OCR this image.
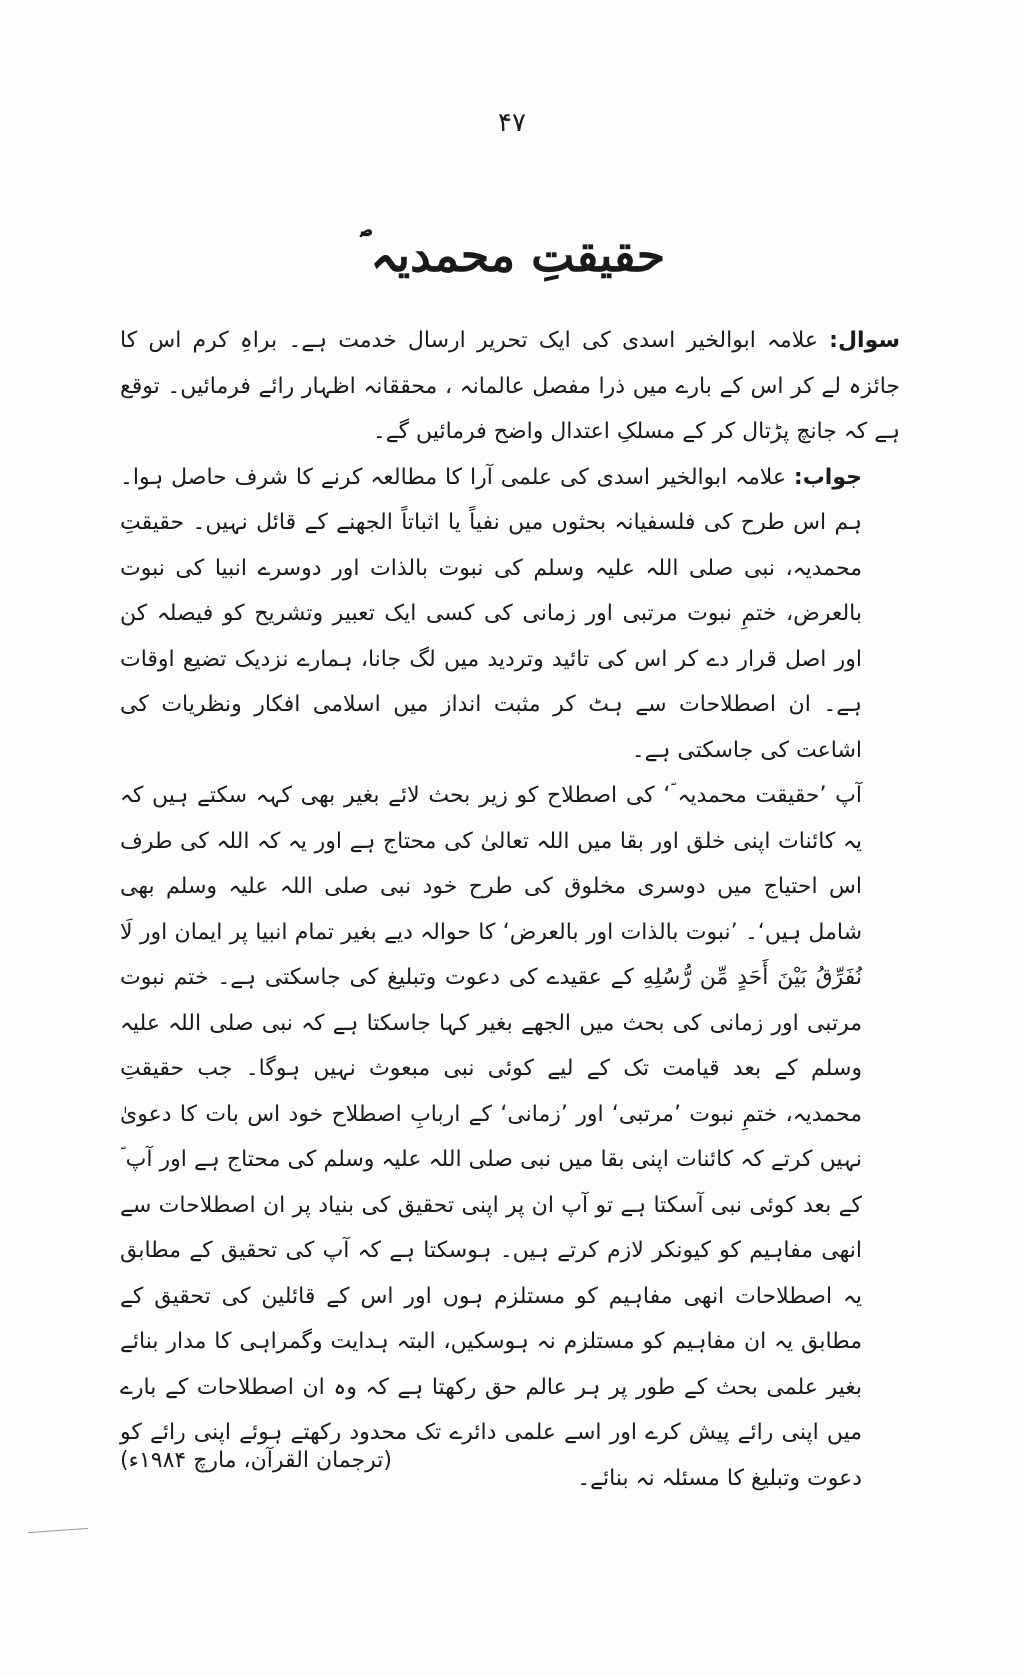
۴۷
حقیقتِ محمدیہ ؐ

سوال: علامہ ابوالخیر اسدی کی ایک تحریر ارسال خدمت ہے۔ براہِ کرم اس کا جائزہ لے کر اس کے بارے میں ذرا مفصل عالمانہ ، محققانہ اظہار رائے فرمائیں۔ توقع ہے کہ جانچ پڑتال کر کے مسلکِ اعتدال واضح فرمائیں گے۔

جواب: علامہ ابوالخیر اسدی کی علمی آرا کا مطالعہ کرنے کا شرف حاصل ہوا۔ ہم اس طرح کی فلسفیانہ بحثوں میں نفیاً یا اثباتاً الجھنے کے قائل نہیں۔ حقیقتِ محمدیہ، نبی صلی اللہ علیہ وسلم کی نبوت بالذات اور دوسرے انبیا کی نبوت بالعرض، ختمِ نبوت مرتبی اور زمانی کی کسی ایک تعبیر وتشریح کو فیصلہ کن اور اصل قرار دے کر اس کی تائید وتردید میں لگ جانا، ہمارے نزدیک تضیع اوقات ہے۔ ان اصطلاحات سے ہٹ کر مثبت انداز میں اسلامی افکار ونظریات کی اشاعت کی جاسکتی ہے۔

آپ ’حقیقت محمدیہ ؐ‘ کی اصطلاح کو زیر بحث لائے بغیر بھی کہہ سکتے ہیں کہ یہ کائنات اپنی خلق اور بقا میں اللہ تعالیٰ کی محتاج ہے اور یہ کہ اللہ کی طرف اس احتیاج میں دوسری مخلوق کی طرح خود نبی صلی اللہ علیہ وسلم بھی شامل ہیں‘۔ ’نبوت بالذات اور بالعرض‘ کا حوالہ دیے بغیر تمام انبیا پر ایمان اور لَا نُفَرِّقُ بَيْنَ أَحَدٍ مِّن رُّسُلِهِ کے عقیدے کی دعوت وتبلیغ کی جاسکتی ہے۔ ختم نبوت مرتبی اور زمانی کی بحث میں الجھے بغیر کہا جاسکتا ہے کہ نبی صلی اللہ علیہ وسلم کے بعد قیامت تک کے لیے کوئی نبی مبعوث نہیں ہوگا۔ جب حقیقتِ محمدیہ، ختمِ نبوت ’مرتبی‘ اور ’زمانی‘ کے اربابِ اصطلاح خود اس بات کا دعویٰ نہیں کرتے کہ کائنات اپنی بقا میں نبی صلی اللہ علیہ وسلم کی محتاج ہے اور آپ ؐ کے بعد کوئی نبی آسکتا ہے تو آپ ان پر اپنی تحقیق کی بنیاد پر ان اصطلاحات سے انھی مفاہیم کو کیونکر لازم کرتے ہیں۔ ہوسکتا ہے کہ آپ کی تحقیق کے مطابق یہ اصطلاحات انھی مفاہیم کو مستلزم ہوں اور اس کے قائلین کی تحقیق کے مطابق یہ ان مفاہیم کو مستلزم نہ ہوسکیں، البتہ ہدایت وگمراہی کا مدار بنائے بغیر علمی بحث کے طور پر ہر عالم حق رکھتا ہے کہ وہ ان اصطلاحات کے بارے میں اپنی رائے پیش کرے اور اسے علمی دائرے تک محدود رکھتے ہوئے اپنی رائے کو دعوت وتبلیغ کا مسئلہ نہ بنائے۔

(ترجمان القرآن، مارچ ۱۹۸۴ء)
